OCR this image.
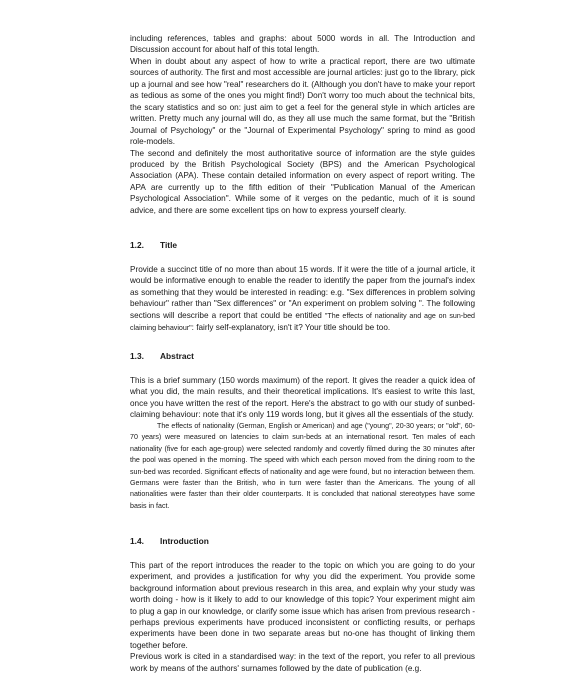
including references, tables and graphs: about 5000 words in all. The Introduction and Discussion account for about half of this total length.

When in doubt about any aspect of how to write a practical report, there are two ultimate sources of authority. The first and most accessible are journal articles: just go to the library, pick up a journal and see how "real" researchers do it. (Although you don't have to make your report as tedious as some of the ones you might find!) Don't worry too much about the technical bits, the scary statistics and so on: just aim to get a feel for the general style in which articles are written. Pretty much any journal will do, as they all use much the same format, but the "British Journal of Psychology" or the "Journal of Experimental Psychology" spring to mind as good role-models.

The second and definitely the most authoritative source of information are the style guides produced by the British Psychological Society (BPS) and the American Psychological Association (APA). These contain detailed information on every aspect of report writing. The APA are currently up to the fifth edition of their "Publication Manual of the American Psychological Association". While some of it verges on the pedantic, much of it is sound advice, and there are some excellent tips on how to express yourself clearly.

1.2.	Title

Provide a succinct title of no more than about 15 words. If it were the title of a journal article, it would be informative enough to enable the reader to identify the paper from the journal's index as something that they would be interested in reading: e.g. "Sex differences in problem solving behaviour" rather than "Sex differences" or "An experiment on problem solving ". The following sections will describe a report that could be entitled "The effects of nationality and age on sun-bed claiming behaviour": fairly self-explanatory, isn't it? Your title should be too.

1.3.	Abstract

This is a brief summary (150 words maximum) of the report. It gives the reader a quick idea of what you did, the main results, and their theoretical implications. It's easiest to write this last, once you have written the rest of the report. Here's the abstract to go with our study of sunbed-claiming behaviour: note that it's only 119 words long, but it gives all the essentials of the study.

The effects of nationality (German, English or American) and age ("young", 20-30 years; or "old", 60-70 years) were measured on latencies to claim sun-beds at an international resort. Ten males of each nationality (five for each age-group) were selected randomly and covertly filmed during the 30 minutes after the pool was opened in the morning. The speed with which each person moved from the dining room to the sun-bed was recorded. Significant effects of nationality and age were found, but no interaction between them. Germans were faster than the British, who in turn were faster than the Americans. The young of all nationalities were faster than their older counterparts. It is concluded that national stereotypes have some basis in fact.

1.4.	Introduction

This part of the report introduces the reader to the topic on which you are going to do your experiment, and provides a justification for why you did the experiment. You provide some background information about previous research in this area, and explain why your study was worth doing - how is it likely to add to our knowledge of this topic? Your experiment might aim to plug a gap in our knowledge, or clarify some issue which has arisen from previous research - perhaps previous experiments have produced inconsistent or conflicting results, or perhaps experiments have been done in two separate areas but no-one has thought of linking them together before.

Previous work is cited in a standardised way: in the text of the report, you refer to all previous work by means of the authors' surnames followed by the date of publication (e.g.
